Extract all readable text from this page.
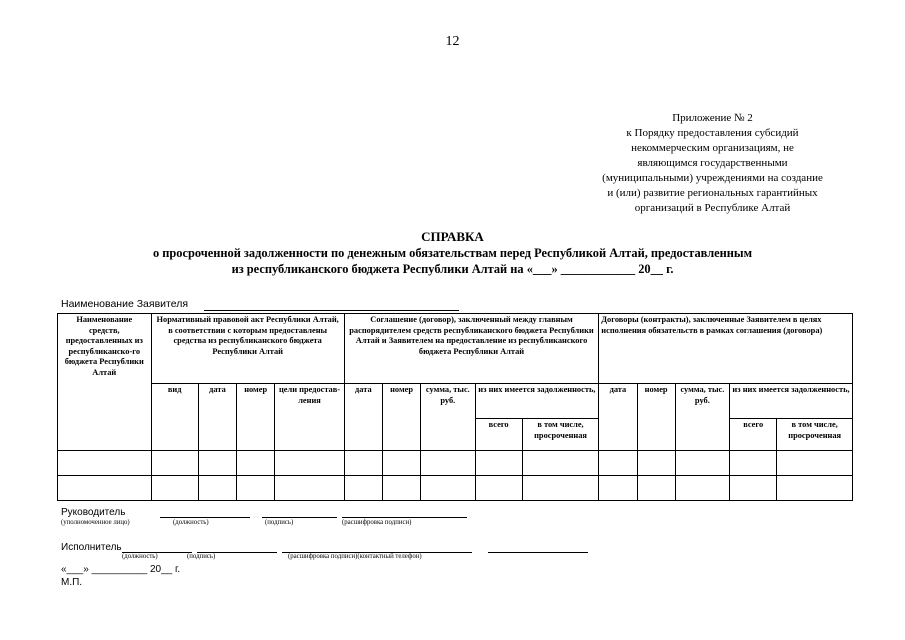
12
Приложение № 2
к Порядку предоставления субсидий
некоммерческим организациям, не
являющимся государственными
(муниципальными) учреждениями на создание
и (или) развитие региональных гарантийных
организаций в Республике Алтай
СПРАВКА
о просроченной задолженности по денежным обязательствам перед Республикой Алтай, предоставленным
из республиканского бюджета Республики Алтай на «___» ____________ 20__ г.
Наименование Заявителя
Наименование средств, предоставленных из республиканско-го бюджета Республики Алтай	Нормативный правовой акт Республики Алтай, в соответствии с которым предоставлены средства из республиканского бюджета Республики Алтай				Соглашение (договор), заключенный между главным распорядителем средств республиканского бюджета Республики Алтай и Заявителем на предоставление из республиканского бюджета Республики Алтай					Договоры (контракты), заключенные Заявителем в целях исполнения обязательств в рамках соглашения (договора)				
	вид	дата	номер	цели предостав-ления	дата	номер	сумма, тыс. руб.	из них имеется задолженность,		дата	номер	сумма, тыс. руб.	из них имеется задолженность,	
								всего	в том числе, просроченная				всего	в том числе, просроченная

Руководитель
(уполномоченное лицо)	(должность)	(подпись)	(расшифровка подписи)
Исполнитель
(должность)	(подпись)	(расшифровка подписи)(контактный телефон)
«___» __________ 20__ г.
М.П.
